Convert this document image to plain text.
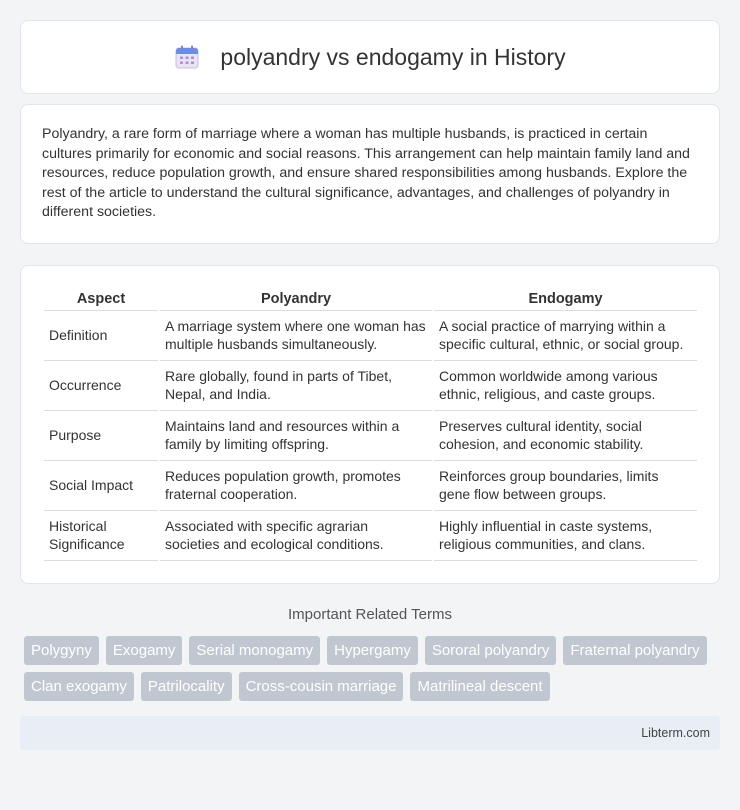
polyandry vs endogamy in History

Polyandry, a rare form of marriage where a woman has multiple husbands, is practiced in certain cultures primarily for economic and social reasons. This arrangement can help maintain family land and resources, reduce population growth, and ensure shared responsibilities among husbands. Explore the rest of the article to understand the cultural significance, advantages, and challenges of polyandry in different societies.

Aspect	Polyandry	Endogamy
Definition	A marriage system where one woman has multiple husbands simultaneously.	A social practice of marrying within a specific cultural, ethnic, or social group.
Occurrence	Rare globally, found in parts of Tibet, Nepal, and India.	Common worldwide among various ethnic, religious, and caste groups.
Purpose	Maintains land and resources within a family by limiting offspring.	Preserves cultural identity, social cohesion, and economic stability.
Social Impact	Reduces population growth, promotes fraternal cooperation.	Reinforces group boundaries, limits gene flow between groups.
Historical Significance	Associated with specific agrarian societies and ecological conditions.	Highly influential in caste systems, religious communities, and clans.
Important Related Terms
Polygyny	Exogamy	Serial monogamy	Hypergamy	Sororal polyandry	Fraternal polyandry
Clan exogamy	Patrilocality	Cross-cousin marriage	Matrilineal descent
Libterm.com
